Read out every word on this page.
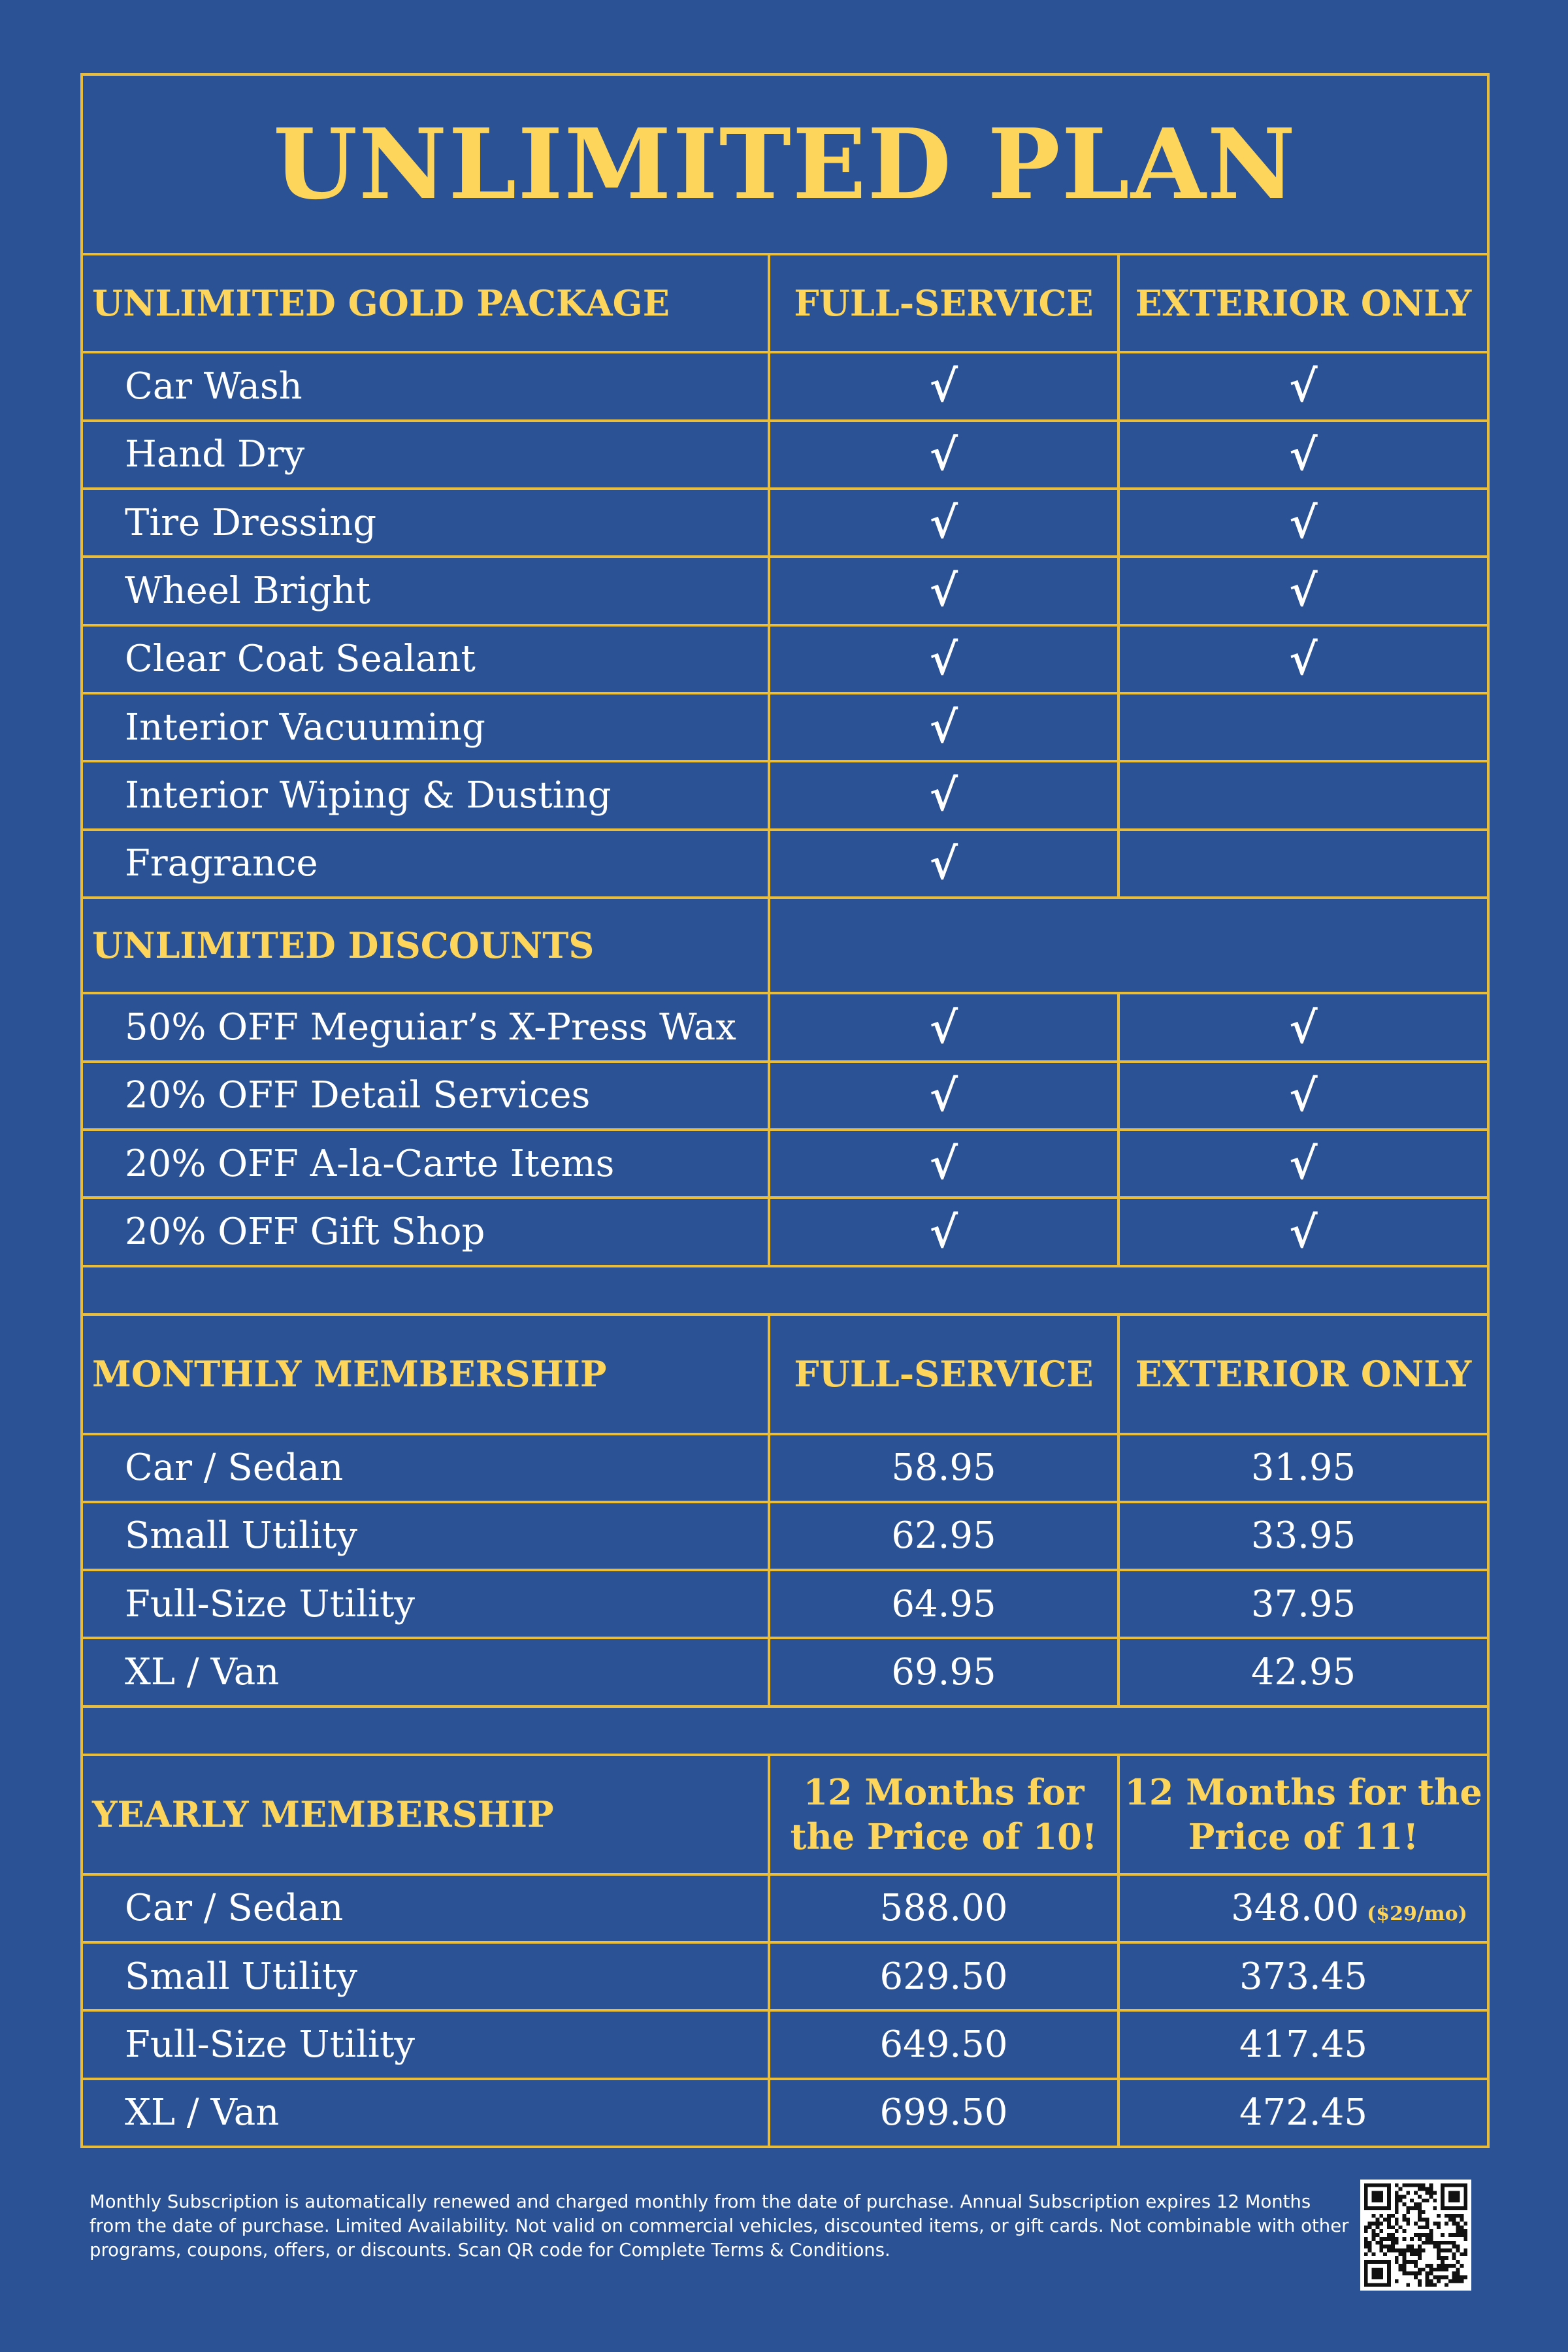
UNLIMITED PLAN		
UNLIMITED GOLD PACKAGE	FULL-SERVICE	EXTERIOR ONLY
Car Wash	√	√
Hand Dry	√	√
Tire Dressing	√	√
Wheel Bright	√	√
Clear Coat Sealant	√	√
Interior Vacuuming	√	
Interior Wiping & Dusting	√	
Fragrance	√	
UNLIMITED DISCOUNTS		
50% OFF Meguiar’s X-Press Wax	√	√
20% OFF Detail Services	√	√
20% OFF A-la-Carte Items	√	√
20% OFF Gift Shop	√	√

MONTHLY MEMBERSHIP	FULL-SERVICE	EXTERIOR ONLY
Car / Sedan	58.95	31.95
Small Utility	62.95	33.95
Full-Size Utility	64.95	37.95
XL / Van	69.95	42.95

YEARLY MEMBERSHIP	12 Months for the Price of 10!	12 Months for the Price of 11!
Car / Sedan	588.00	348.00 ($29/mo)
Small Utility	629.50	373.45
Full-Size Utility	649.50	417.45
XL / Van	699.50	472.45
Monthly Subscription is automatically renewed and charged monthly from the date of purchase. Annual Subscription expires 12 Months from the date of purchase. Limited Availability. Not valid on commercial vehicles, discounted items, or gift cards. Not combinable with other programs, coupons, offers, or discounts. Scan QR code for Complete Terms & Conditions.
